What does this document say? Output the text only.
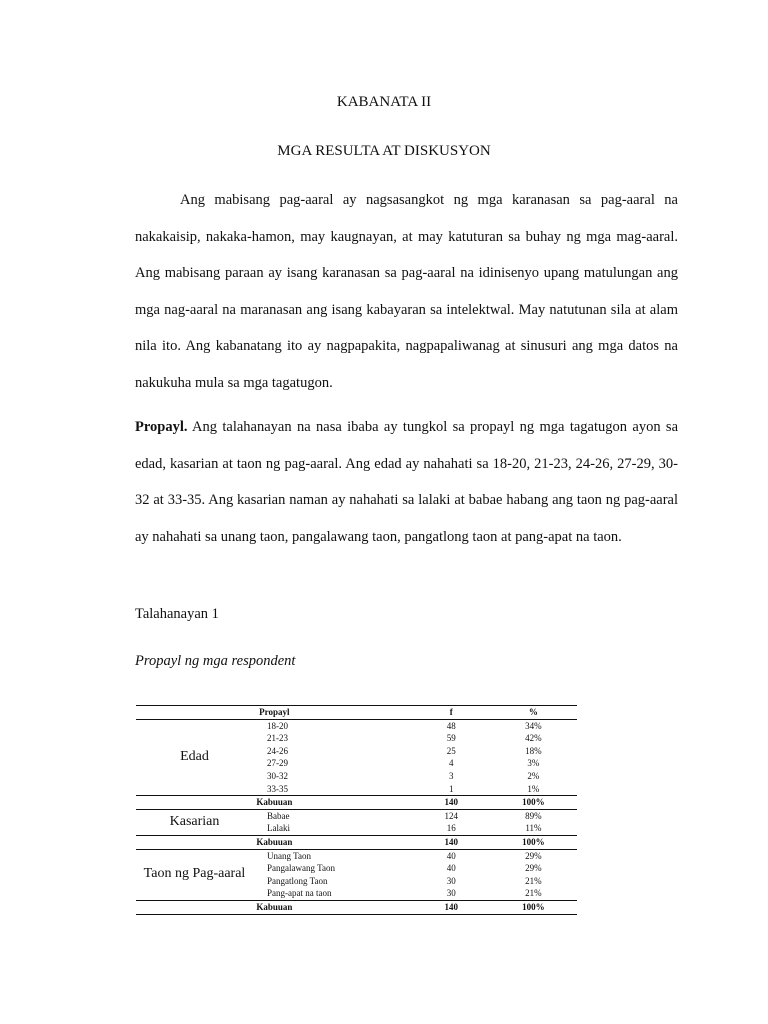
KABANATA II
MGA RESULTA AT DISKUSYON

Ang mabisang pag-aaral ay nagsasangkot ng mga karanasan sa pag-aaral na nakakaisip, nakaka-hamon, may kaugnayan, at may katuturan sa buhay ng mga mag-aaral. Ang mabisang paraan ay isang karanasan sa pag-aaral na idinisenyo upang matulungan ang mga nag-aaral na maranasan ang isang kabayaran sa intelektwal. May natutunan sila at alam nila ito. Ang kabanatang ito ay nagpapakita, nagpapaliwanag at sinusuri ang mga datos na nakukuha mula sa mga tagatugon.

Propayl. Ang talahanayan na nasa ibaba ay tungkol sa propayl ng mga tagatugon ayon sa edad, kasarian at taon ng pag-aaral. Ang edad ay nahahati sa 18-20, 21-23, 24-26, 27-29, 30-32 at 33-35. Ang kasarian naman ay nahahati sa lalaki at babae habang ang taon ng pag-aaral ay nahahati sa unang taon, pangalawang taon, pangatlong taon at pang-apat na taon.

Talahanayan 1
Propayl ng mga respondent
Propayl		f	%
Edad	18-20	48	34%
	21-23	59	42%
	24-26	25	18%
	27-29	4	3%
	30-32	3	2%
	33-35	1	1%
Kabuuan		140	100%
Kasarian	Babae	124	89%
	Lalaki	16	11%
Kabuuan		140	100%
Taon ng Pag-aaral	Unang Taon	40	29%
	Pangalawang Taon	40	29%
	Pangatlong Taon	30	21%
	Pang-apat na taon	30	21%
Kabuuan		140	100%
